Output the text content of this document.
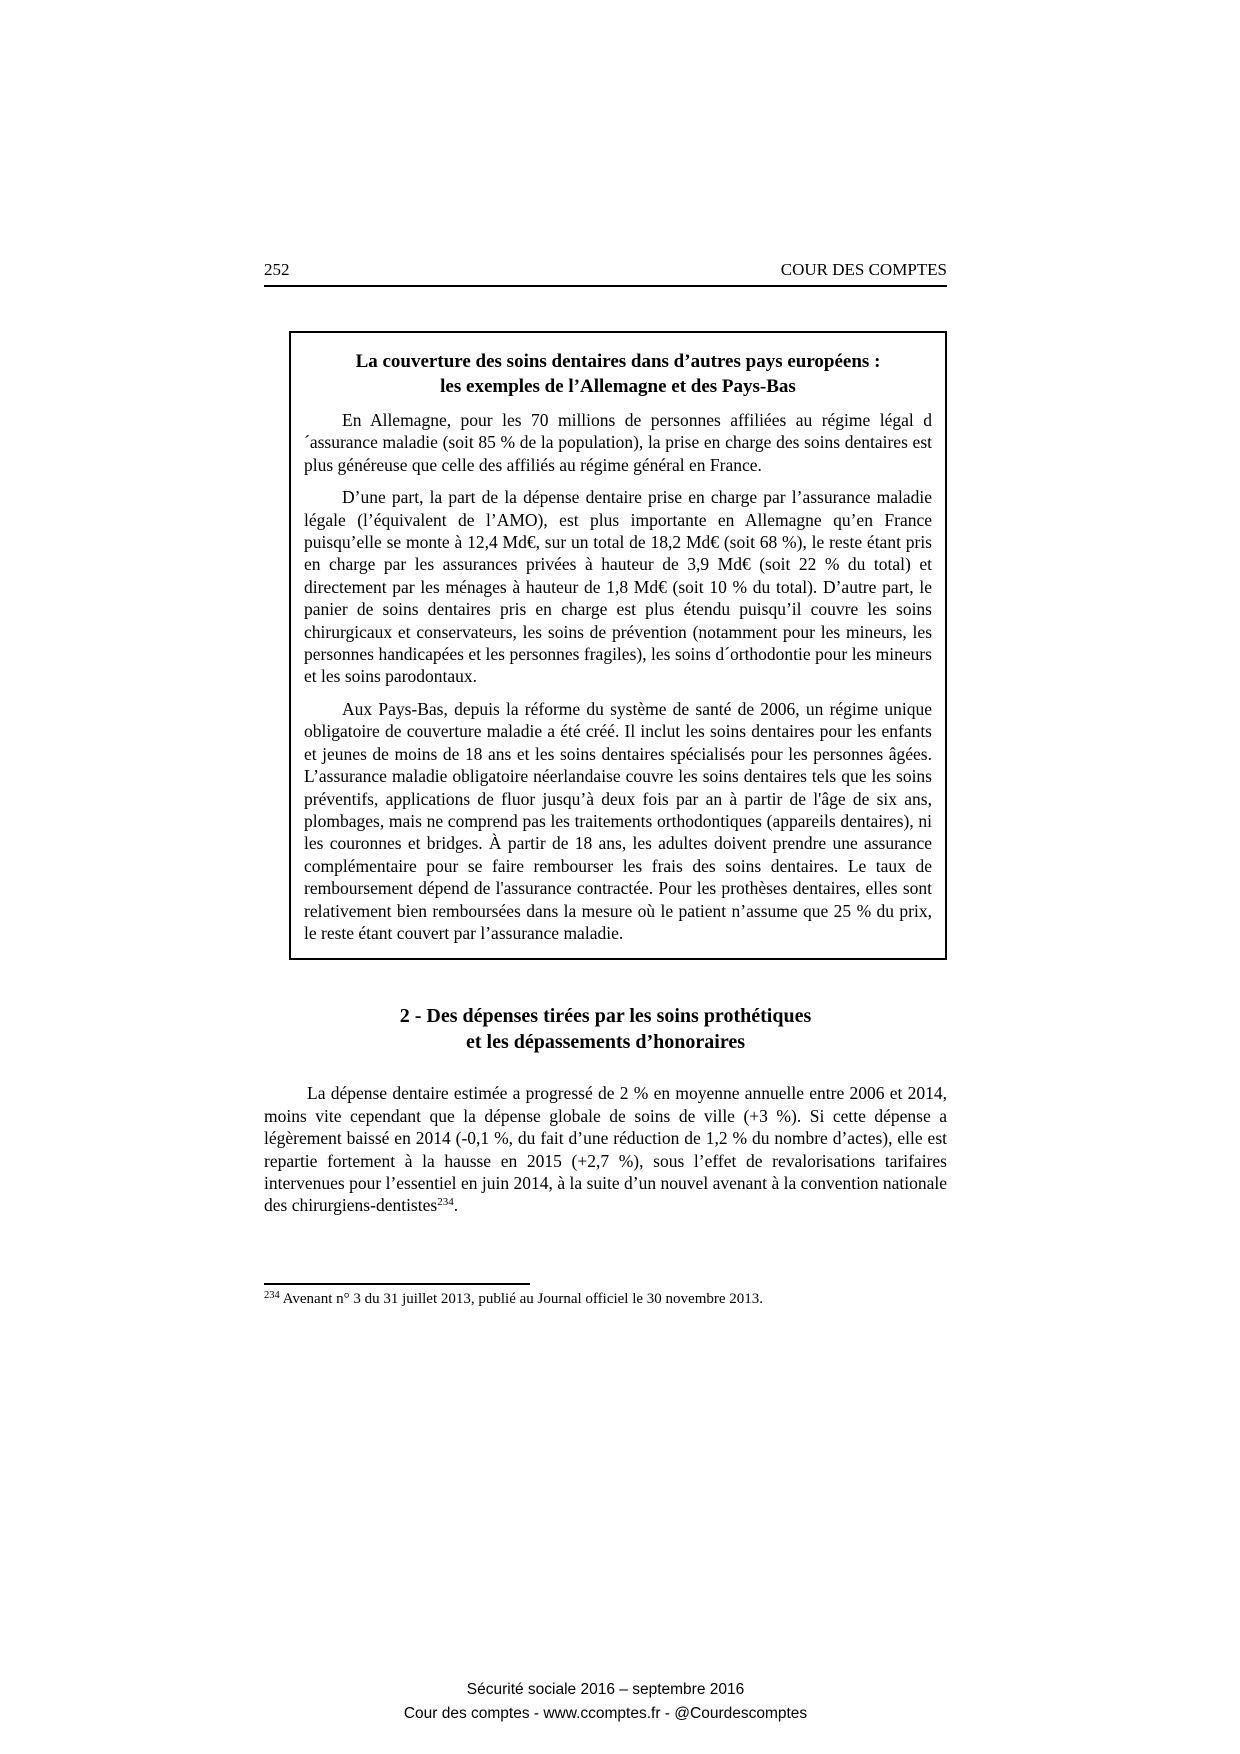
252	COUR DES COMPTES
La couverture des soins dentaires dans d’autres pays européens :
les exemples de l’Allemagne et des Pays-Bas

En Allemagne, pour les 70 millions de personnes affiliées au régime légal d´assurance maladie (soit 85 % de la population), la prise en charge des soins dentaires est plus généreuse que celle des affiliés au régime général en France.

D’une part, la part de la dépense dentaire prise en charge par l’assurance maladie légale (l’équivalent de l’AMO), est plus importante en Allemagne qu’en France puisqu’elle se monte à 12,4 Md€, sur un total de 18,2 Md€ (soit 68 %), le reste étant pris en charge par les assurances privées à hauteur de 3,9 Md€ (soit 22 % du total) et directement par les ménages à hauteur de 1,8 Md€ (soit 10 % du total). D’autre part, le panier de soins dentaires pris en charge est plus étendu puisqu’il couvre les soins chirurgicaux et conservateurs, les soins de prévention (notamment pour les mineurs, les personnes handicapées et les personnes fragiles), les soins d´orthodontie pour les mineurs et les soins parodontaux.

Aux Pays-Bas, depuis la réforme du système de santé de 2006, un régime unique obligatoire de couverture maladie a été créé. Il inclut les soins dentaires pour les enfants et jeunes de moins de 18 ans et les soins dentaires spécialisés pour les personnes âgées. L’assurance maladie obligatoire néerlandaise couvre les soins dentaires tels que les soins préventifs, applications de fluor jusqu’à deux fois par an à partir de l'âge de six ans, plombages, mais ne comprend pas les traitements orthodontiques (appareils dentaires), ni les couronnes et bridges. À partir de 18 ans, les adultes doivent prendre une assurance complémentaire pour se faire rembourser les frais des soins dentaires. Le taux de remboursement dépend de l'assurance contractée. Pour les prothèses dentaires, elles sont relativement bien remboursées dans la mesure où le patient n’assume que 25 % du prix, le reste étant couvert par l’assurance maladie.

2 - Des dépenses tirées par les soins prothétiques
et les dépassements d’honoraires

La dépense dentaire estimée a progressé de 2 % en moyenne annuelle entre 2006 et 2014, moins vite cependant que la dépense globale de soins de ville (+3 %). Si cette dépense a légèrement baissé en 2014 (-0,1 %, du fait d’une réduction de 1,2 % du nombre d’actes), elle est repartie fortement à la hausse en 2015 (+2,7 %), sous l’effet de revalorisations tarifaires intervenues pour l’essentiel en juin 2014, à la suite d’un nouvel avenant à la convention nationale des chirurgiens-dentistes$^{234}$.

$^{234}$ Avenant n° 3 du 31 juillet 2013, publié au Journal officiel le 30 novembre 2013.

Sécurité sociale 2016 – septembre 2016
Cour des comptes - www.ccomptes.fr - @Courdescomptes
